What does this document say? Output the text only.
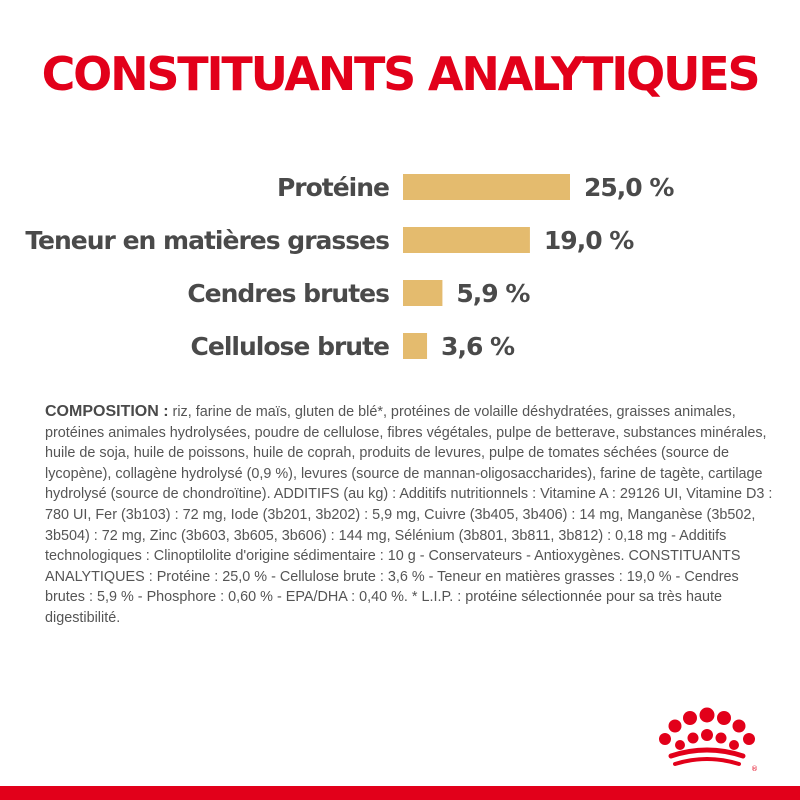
CONSTITUANTS ANALYTIQUES
Protéine	25,0 %
Teneur en matières grasses	19,0 %
Cendres brutes	5,9 %
Cellulose brute 3,6 %
COMPOSITION : riz, farine de maïs, gluten de blé*, protéines de volaille déshydratées, graisses animales, protéines animales hydrolysées, poudre de cellulose, fibres végétales, pulpe de betterave, substances minérales, huile de soja, huile de poissons, huile de coprah, produits de levures, pulpe de tomates séchées (source de lycopène), collagène hydrolysé (0,9 %), levures (source de mannan-oligosaccharides), farine de tagète, cartilage hydrolysé (source de chondroïtine). ADDITIFS (au kg) : Additifs nutritionnels : Vitamine A : 29126 UI, Vitamine D3 : 780 UI, Fer (3b103) : 72 mg, Iode (3b201, 3b202) : 5,9 mg, Cuivre (3b405, 3b406) : 14 mg, Manganèse (3b502, 3b504) : 72 mg, Zinc (3b603, 3b605, 3b606) : 144 mg, Sélénium (3b801, 3b811, 3b812) : 0,18 mg - Additifs technologiques : Clinoptilolite d'origine sédimentaire : 10 g - Conservateurs - Antioxygènes. CONSTITUANTS ANALYTIQUES : Protéine : 25,0 % - Cellulose brute : 3,6 % - Teneur en matières grasses : 19,0 % - Cendres brutes : 5,9 % - Phosphore : 0,60 % - EPA/DHA : 0,40 %. * L.I.P. : protéine sélectionnée pour sa très haute digestibilité.
®
